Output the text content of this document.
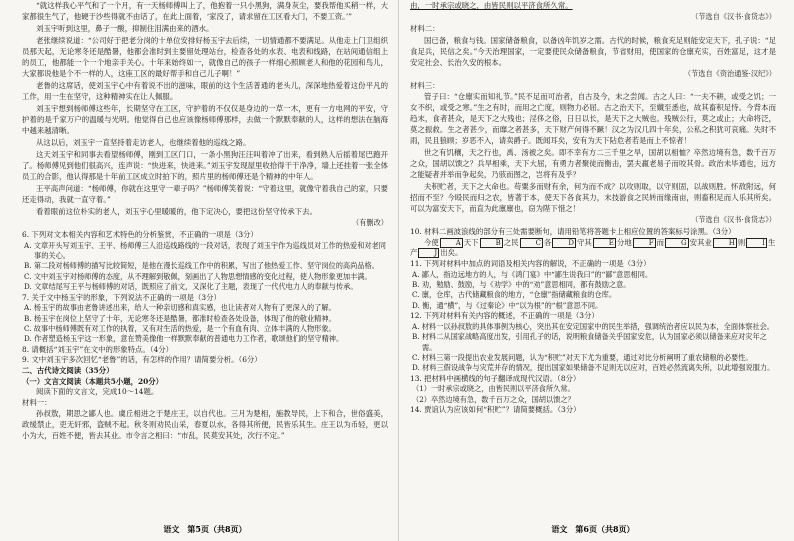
“就这样我心平气和了一个月，有一天杨师傅叫上了，他抱着一只小黑狗，满身灰尘，要我帮他买稍一样，大家都很生气了，他硬于沙些得就不由话了，在此上面着，‘家没了，请求留在工区看大门，不要工资。’”

刘玉宇听到这里，鼻子一酸，抑制住泪满由来的酒水。

老张继续说道：“公司好于把老分岗的十单位安排好杨玉宇去后续，一切情通都不要满足。从他走上门卫组织员那天起，无论寒冬还是酷暑，他都会准时到主要留处理站台，检查各处的水表、电表和线路，在站间通信组上的员工，他都能一个一个地亲手关心。十年来始终如一，就像自己的孩子一样细心照顾老人和他的花园和鸟儿，大家都说他是个不一样的人，这座工区的最好帮手和自己儿子啊！”

老鲁的这席话，使刘玉宇心中有着说不出的滋味，眼前的这个生活普通的老头儿，深深地热爱着这份平凡的工作，用一生在坚守，这种精神实在让人佩服。

刘玉宇想到杨师傅这些年，长期坚守在工区，守护着的不仅仅是身边的一草一木，更有一方电网的平安，守护着的是千家万户的温暖与光明。他觉得自己也应该像杨师傅那样，去做一个默默奉献的人，这样的想法在脑海中越来越清晰。

从这以后，刘玉宇一直坚持着走访老人，也继续着他的巡线之路。

这天刘玉宇和同事去看望杨师傅，刚到工区门口，一条小黑狗汪汪叫着冲了出来，看到熟人后摇着尾巴跑开了。杨师傅见到他们很高兴，连声说：“快进来，快进来。”刘玉宇发现屋里收拾得干干净净，墙上还挂着一张全体员工的合影，他认得那是十年前工区成立时拍下的，照片里的杨师傅还是个精神的中年人。

王平高声问道：“杨师傅，你就在这里守一辈子吗？”杨师傅笑着说：“守着这里，就像守着我自己的家，只要还走得动，我就一直守着。”

看着眼前这位朴实的老人，刘玉宇心里暖暖的，他下定决心，要把这份坚守传承下去。

（有删改）

6. 下列对文本相关内容和艺术特色的分析鉴赏，不正确的一项是（3分）

A. 文章开头写刘玉宇、王平、杨师傅三人沿巡线路线的一段对话，表现了刘玉宇作为巡线员对工作的热爱和对老同事的关心。

B. 第二段对杨师傅的描写比较简短，是他在漫长巡线工作中的积累，写出了他热爱工作、坚守岗位的高尚品格。

C. 文中刘玉宇对杨师傅的态度，从不理解到敬佩，刻画出了人物思想情感的变化过程，使人物形象更加丰满。

D. 文章结尾写王平与杨师傅的对话，既照应了前文，又深化了主题，表现了一代代电力人的奉献与传承。

7. 关于文中杨玉宇的形象，下列说法不正确的一项是（3分）

A. 杨玉宇的故事由老鲁讲述出来，给人一种亲切感和真实感，也让读者对人物有了更深入的了解。

B. 杨玉宇在岗位上坚守了十年，无论寒冬还是酷暑，都准时检查各处设备，体现了他的敬业精神。

C. 故事中杨师傅既有对工作的执着，又有对生活的热爱，是一个有血有肉、立体丰满的人物形象。

D. 作者塑造杨玉宇这一形象，意在赞美像他一样默默奉献的普通电力工作者，歌颂他们的坚守精神。

8. 请概括“刘玉宇”在文中的形象特点。（4分）

9. 文中刘玉宇多次回忆“老鲁”的话，有怎样的作用？请简要分析。（6分）

二、古代诗文阅读（35分）

（一）文言文阅读（本题共5小题，20分）

阅读下面的文言文，完成10～14题。

材料一：

孙叔敖，期思之鄙人也。虞丘相进之于楚庄王，以自代也。三月为楚相，施教导民，上下和合，世俗盛美，政缓禁止，吏无奸邪，盗贼不起。秋冬则劝民山采，春夏以水，各得其所便，民皆乐其生。庄王以为币轻，更以小为大，百姓不便，皆去其业。市令言之相曰：“市乱，民莫安其处，次行不定。”

由，一时承宗或晓之，由皆民则以平济食所久常。

（节选自《汉书·食货志》）

材料二：

国已备，粮食与钱。国家储备粮食，以备凶年饥岁之需。古代的时候，粮食充足则能安定天下，孔子说：“足食足兵，民信之矣。”今天治理国家，一定要使民众储备粮食，节省财用，使国家的仓廪充实，百姓富足，这才是安定社会、长治久安的根本。

（节选自《资治通鉴·汉纪》）

材料三：

管子曰：“仓廪实而知礼节。”民不足而可治者，自古及今，未之尝闻。古之人曰：“一夫不耕，或受之饥；一女不织，或受之寒。”生之有时，而用之亡度，则物力必屈。古之治天下，至孅至悉也，故其畜积足恃。今背本而趋末，食者甚众，是天下之大残也；淫侈之俗，日日以长，是天下之大贼也。残贼公行，莫之或止；大命将泛，莫之振救。生之者甚少，而靡之者甚多，天下财产何得不蹶！汉之为汉几四十年矣，公私之积犹可哀痛。失时不雨，民且狼顾；岁恶不入，请卖爵子。既闻耳矣，安有为天下阽危者若是而上不惊者！

世之有饥穰，天之行也，禹、汤被之矣。即不幸有方二三千里之旱，国胡以相恤？卒然边境有急，数千百万之众，国胡以馈之？兵旱相乘，天下大屈，有勇力者聚徒而衡击，罢夫羸老易子而咬其骨。政治未毕通也，远方之能疑者并举而争起矣，乃骇而图之，岂将有及乎？

夫积贮者，天下之大命也。苟粟多而财有余，何为而不成？以攻则取，以守则固，以战则胜。怀敌附远，何招而不至？今殴民而归之农，皆著于本，使天下各食其力，末技游食之民转而缘南亩，则畜积足而人乐其所矣。可以为富安天下，而直为此廪廪也，窃为陛下惜之！

（节选自《汉书·食货志》）

10. 材料二画波浪线的部分有三处需要断句，请用铅笔将答题卡上相应位置的答案标号涂黑。（3分）

今使 A 天下 B 之民 C 各 D 守其 E 分地 F 而 G 安其业 H 则 I 生产 J 出矣。

11. 下列对材料中加点的词语及相关内容的解说，不正确的一项是（3分）

A. 鄙人，指边远地方的人，与《鸿门宴》中“鄙生说我曰”的“鄙”意思相同。

B. 劝，勉励、鼓励，与《劝学》中的“劝”意思相同，都有鼓励之意。

C. 廪，仓库，古代储藏粮食的地方，“仓廪”指储藏粮食的仓库。

D. 衡，通“横”，与《过秦论》中“以为根”的“根”意思不同。

12. 下列对材料有关内容的概述，不正确的一项是（3分）

A. 材料一以孙叔敖的具体事例为核心，突出其在安定国家中的民生举措，强调统治者应以民为本，全面体察社会。

B. 材料二从国家战略高度出发，引用孔子的话，说明粮食储备关乎国家安危，认为国家必须以储备来应对灾年之需。

C. 材料三第一段提出农业发展问题，认为“积贮”对天下尤为重要，通过对比分析阐明了重农储粮的必要性。

D. 材料三假设战争与灾荒并存的情况，提出国家如果储备不足则无以应对，百姓必然流离失所，以此增强说服力。

13. 把材料中画横线的句子翻译成现代汉语。（8分）

（1）一时承宗或晓之，由皆民则以平济食所久常。

（2）卒然边境有急，数千百万之众，国胡以馈之？

14. 贾谊认为应该如何“积贮”？请简要概括。（3分）

语文　第5页（共8页）	语文　第6页（共8页）
